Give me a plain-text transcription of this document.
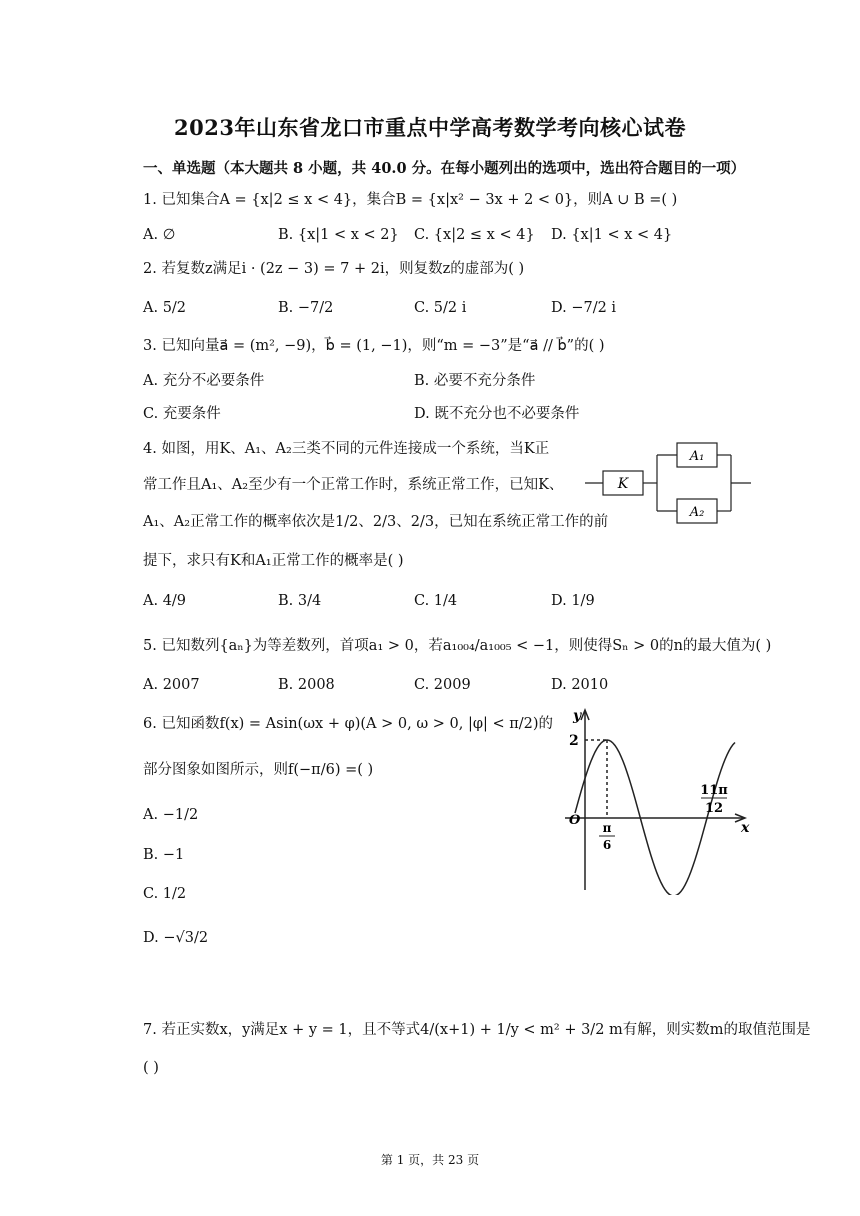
2023年山东省龙口市重点中学高考数学考向核心试卷
一、单选题（本大题共 8 小题，共 40.0 分。在每小题列出的选项中，选出符合题目的一项）
1. 已知集合A = {x|2 ≤ x < 4}，集合B = {x|x² − 3x + 2 < 0}，则A ∪ B =( )
A. ∅	B. {x|1 < x < 2} C. {x|2 ≤ x < 4} D. {x|1 < x < 4}
2. 若复数z满足i · (2z − 3) = 7 + 2i，则复数z的虚部为( )
A. 5/2	B. −7/2	C. 5/2 i	D. −7/2 i
3. 已知向量a⃗ = (m², −9)，b⃗ = (1, −1)，则“m = −3”是“a⃗ // b⃗”的( )
A. 充分不必要条件	B. 必要不充分条件
C. 充要条件	D. 既不充分也不必要条件
4. 如图，用K、A₁、A₂三类不同的元件连接成一个系统，当K正
常工作且A₁、A₂至少有一个正常工作时，系统正常工作，已知K、
A₁、A₂正常工作的概率依次是1/2、2/3、2/3，已知在系统正常工作的前
提下，求只有K和A₁正常工作的概率是( )
K
A₁
A₂
A. 4/9	B. 3/4	C. 1/4	D. 1/9
5. 已知数列{aₙ}为等差数列，首项a₁ > 0，若a₁₀₀₄/a₁₀₀₅ < −1，则使得Sₙ > 0的n的最大值为( )
A. 2007	B. 2008	C. 2009	D. 2010
6. 已知函数f(x) = Asin(ωx + φ)(A > 0, ω > 0, |φ| < π/2)的
部分图象如图所示，则f(−π/6) =( )
A. −1/2
B. −1
C. 1/2
D. −√3/2
y
x
O
2
π
6
11π
12
7. 若正实数x，y满足x + y = 1，且不等式4/(x+1) + 1/y < m² + 3/2 m有解，则实数m的取值范围是
( )
第 1 页，共 23 页
